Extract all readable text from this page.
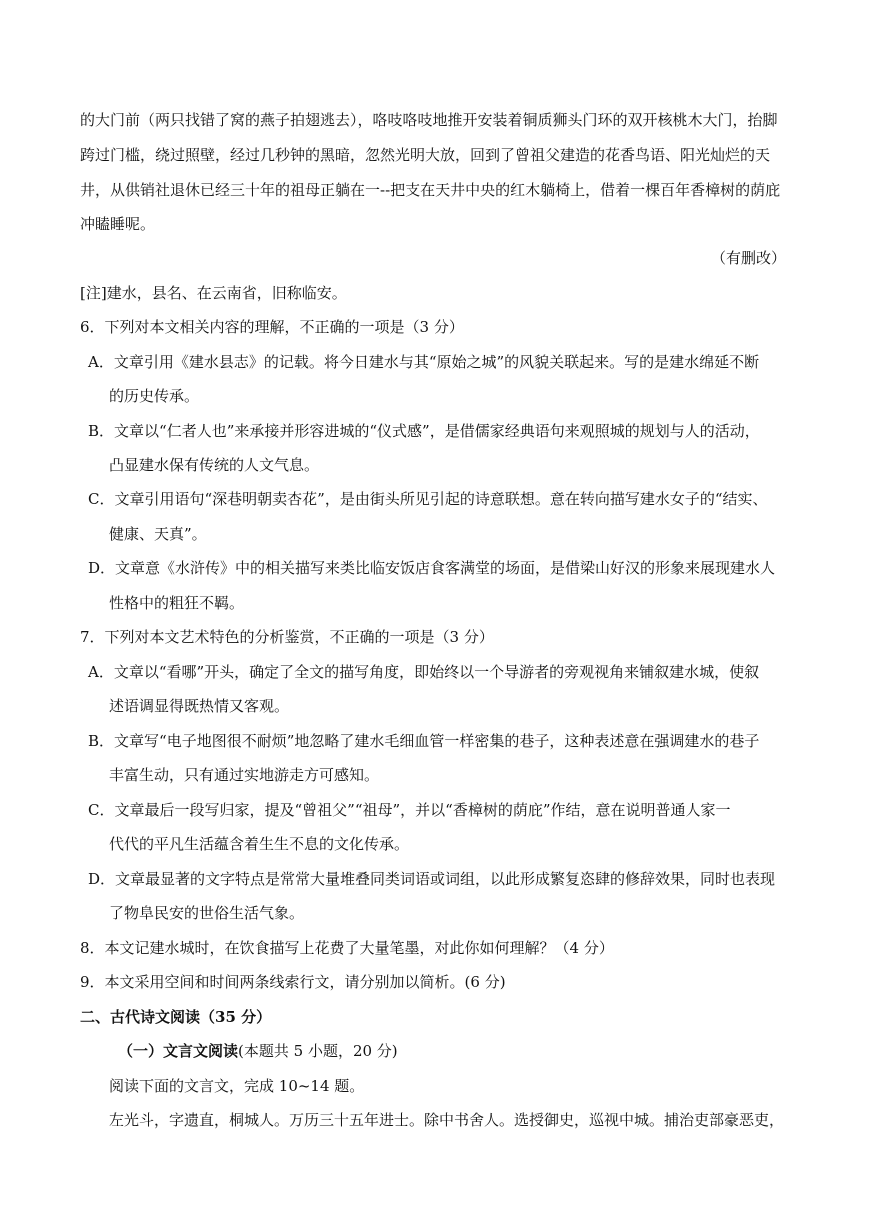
的大门前（两只找错了窝的燕子拍翅逃去），咯吱咯吱地推开安装着铜质狮头门环的双开核桃木大门，抬脚
跨过门槛，绕过照壁，经过几秒钟的黑暗，忽然光明大放，回到了曾祖父建造的花香鸟语、阳光灿烂的天
井，从供销社退休已经三十年的祖母正躺在一--把支在天井中央的红木躺椅上，借着一棵百年香樟树的荫庇
冲瞌睡呢。
（有删改）
[注]建水，县名、在云南省，旧称临安。
6．下列对本文相关内容的理解，不正确的一项是（3 分）
A．文章引用《建水县志》的记载。将今日建水与其“原始之城”的风貌关联起来。写的是建水绵延不断
的历史传承。
B．文章以“仁者人也”来承接并形容进城的“仪式感”，是借儒家经典语句来观照城的规划与人的活动，
凸显建水保有传统的人文气息。
C．文章引用语句“深巷明朝卖杏花”，是由街头所见引起的诗意联想。意在转向描写建水女子的“结实、
健康、天真”。
D．文章意《水浒传》中的相关描写来类比临安饭店食客满堂的场面，是借梁山好汉的形象来展现建水人
性格中的粗狂不羁。
7．下列对本文艺术特色的分析鉴赏，不正确的一项是（3 分）
A．文章以“看哪”开头，确定了全文的描写角度，即始终以一个导游者的旁观视角来铺叙建水城，使叙
述语调显得既热情又客观。
B．文章写“电子地图很不耐烦”地忽略了建水毛细血管一样密集的巷子，这种表述意在强调建水的巷子
丰富生动，只有通过实地游走方可感知。
C．文章最后一段写归家，提及“曾祖父”“祖母”，并以“香樟树的荫庇”作结，意在说明普通人家一
代代的平凡生活蕴含着生生不息的文化传承。
D．文章最显著的文字特点是常常大量堆叠同类词语或词组，以此形成繁复恣肆的修辞效果，同时也表现
了物阜民安的世俗生活气象。
8．本文记建水城时，在饮食描写上花费了大量笔墨，对此你如何理解？（4 分）
9．本文采用空间和时间两条线索行文，请分别加以简析。(6 分)
二、古代诗文阅读（35 分）
（一）文言文阅读(本题共 5 小题，20 分)
阅读下面的文言文，完成 10~14 题。
左光斗，字遗直，桐城人。万历三十五年进士。除中书舍人。选授御史，巡视中城。捕治吏部豪恶吏，
